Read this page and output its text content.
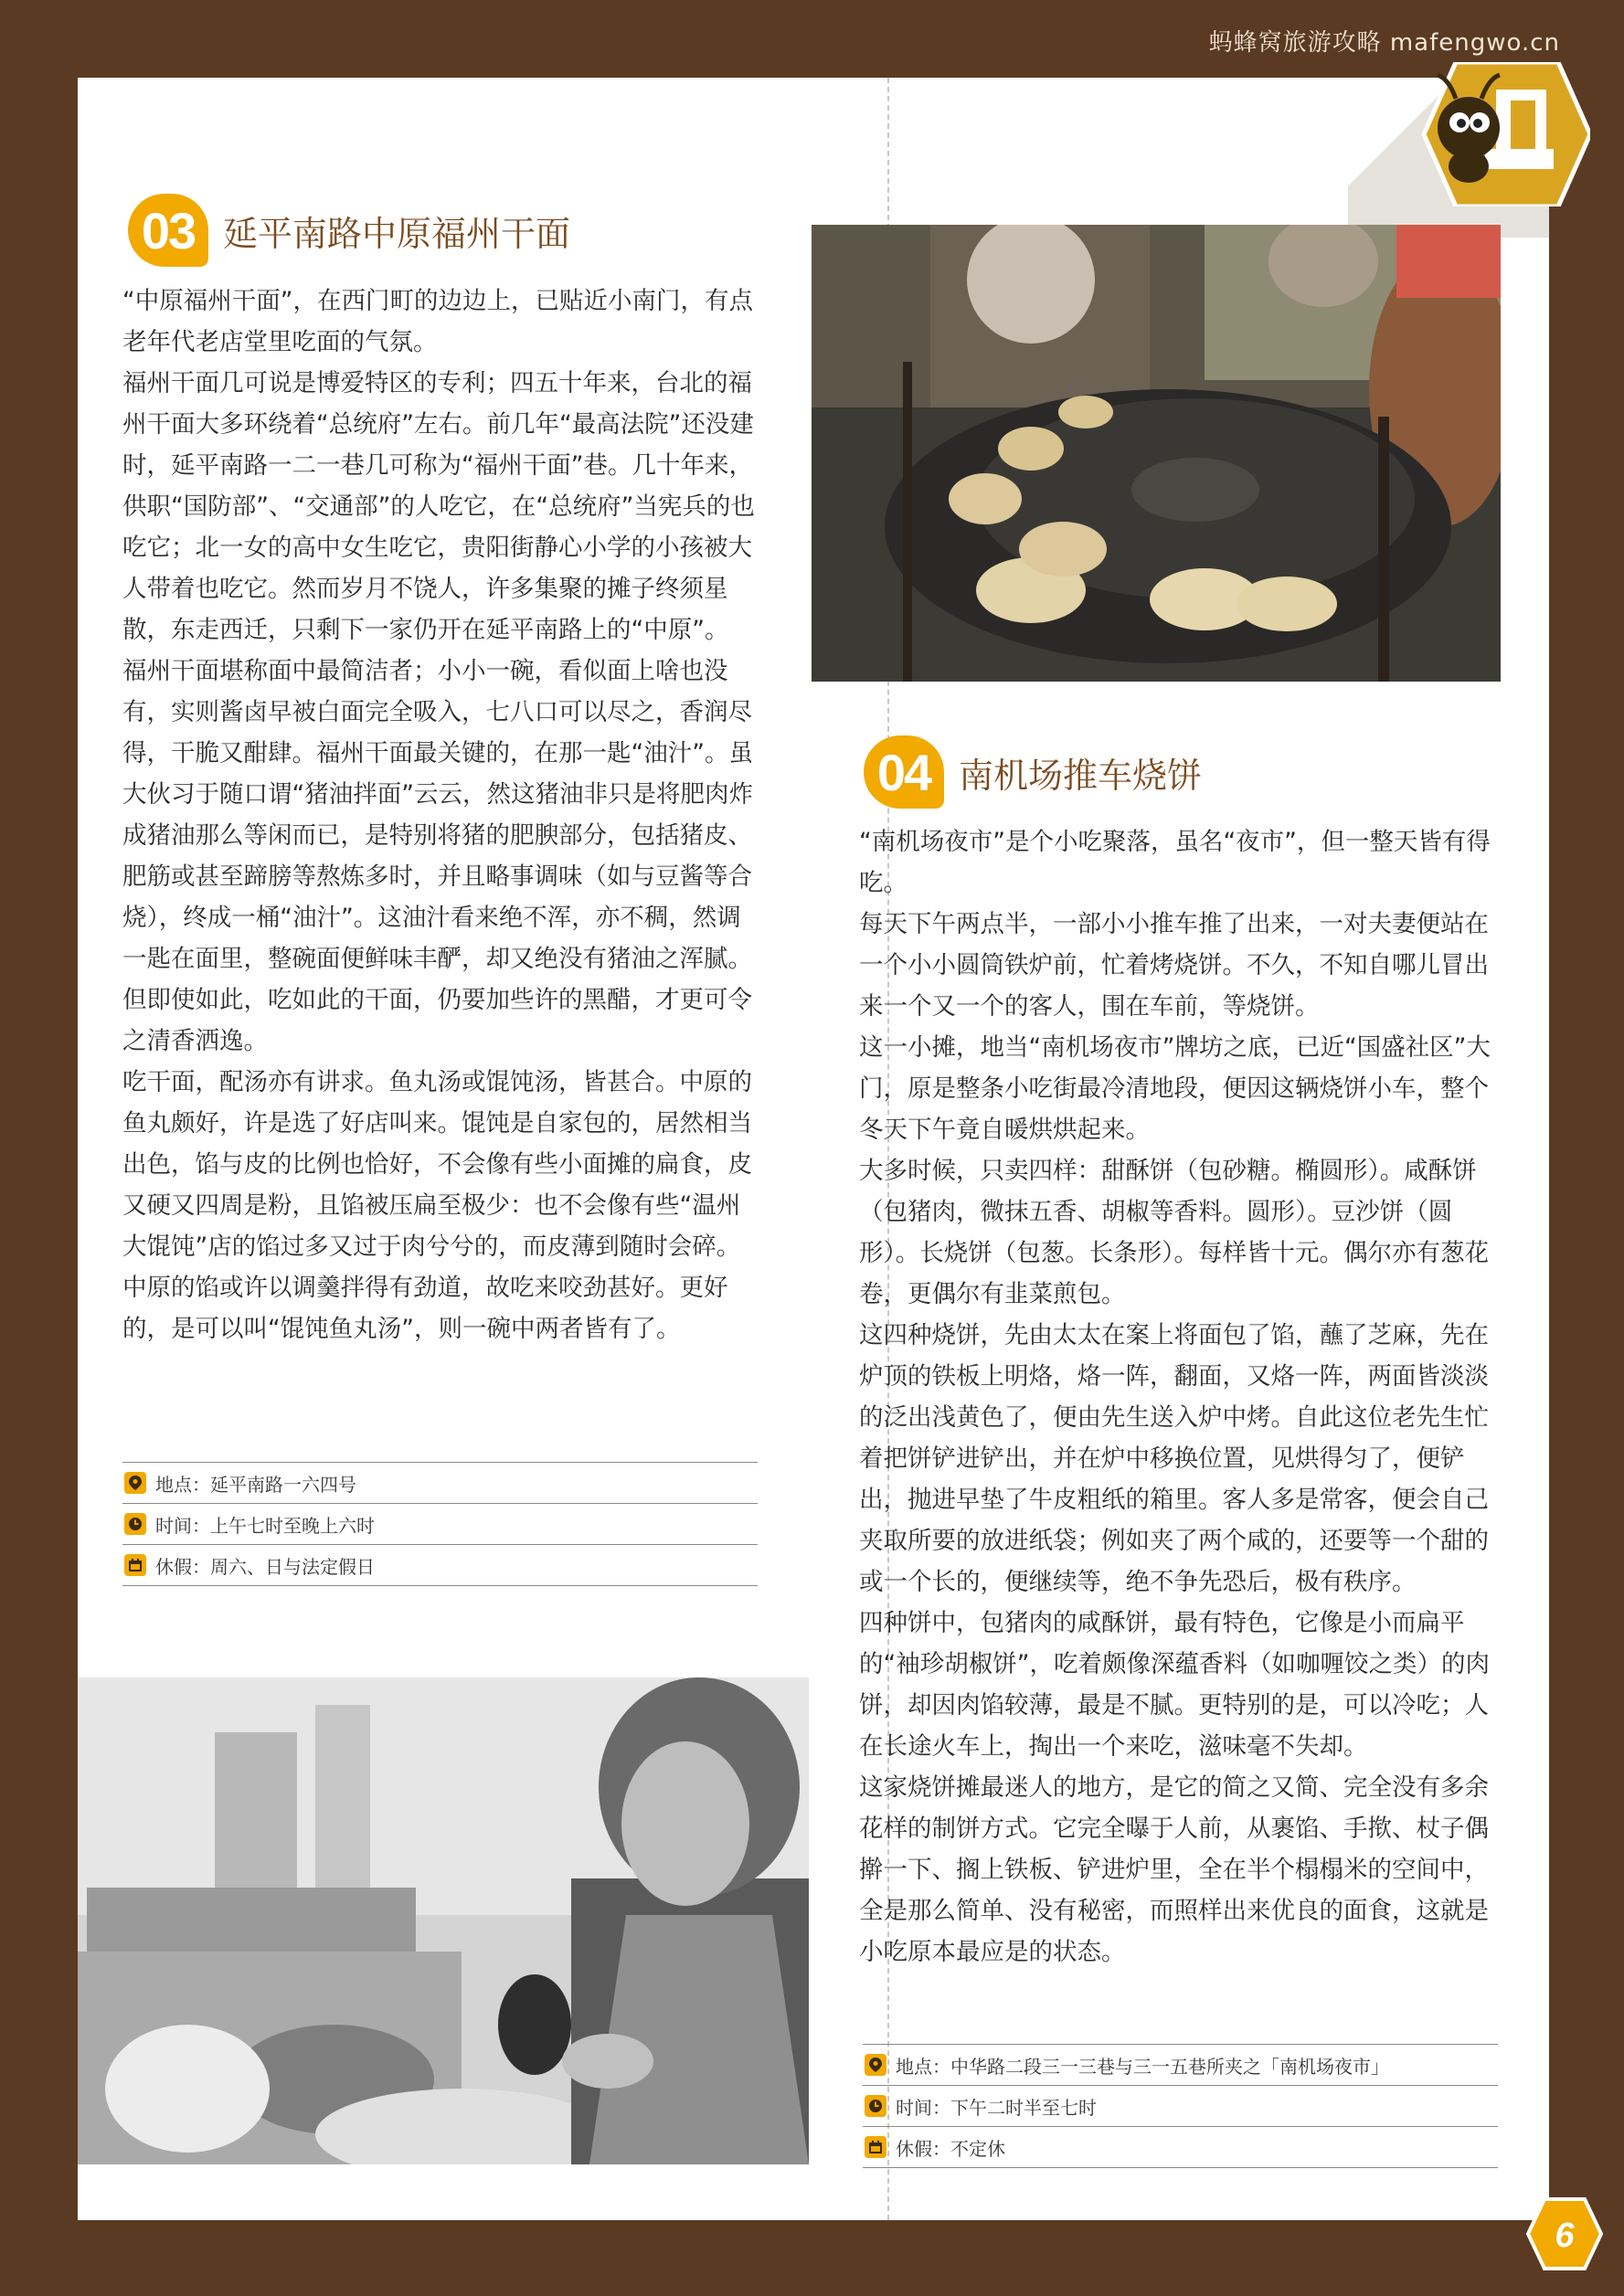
蚂蜂窝旅游攻略 mafengwo.cn
03 延平南路中原福州干面

“中原福州干面”，在西门町的边边上，已贴近小南门，有点老年代老店堂里吃面的气氛。

福州干面几可说是博爱特区的专利；四五十年来，台北的福州干面大多环绕着“总统府”左右。前几年“最高法院”还没建时，延平南路一二一巷几可称为“福州干面”巷。几十年来，供职“国防部”、“交通部”的人吃它，在“总统府”当宪兵的也吃它；北一女的高中女生吃它，贵阳街静心小学的小孩被大人带着也吃它。然而岁月不饶人，许多集聚的摊子终须星散，东走西迁，只剩下一家仍开在延平南路上的“中原”。

福州干面堪称面中最简洁者；小小一碗，看似面上啥也没有，实则酱卤早被白面完全吸入，七八口可以尽之，香润尽得，干脆又酣肆。福州干面最关键的，在那一匙“油汁”。虽大伙习于随口谓“猪油拌面”云云，然这猪油非只是将肥肉炸成猪油那么等闲而已，是特别将猪的肥腴部分，包括猪皮、肥筋或甚至蹄膀等熬炼多时，并且略事调味（如与豆酱等合烧），终成一桶“油汁”。这油汁看来绝不浑，亦不稠，然调一匙在面里，整碗面便鲜味丰酽，却又绝没有猪油之浑腻。但即使如此，吃如此的干面，仍要加些许的黑醋，才更可令之清香洒逸。

吃干面，配汤亦有讲求。鱼丸汤或馄饨汤，皆甚合。中原的鱼丸颇好，许是选了好店叫来。馄饨是自家包的，居然相当出色，馅与皮的比例也恰好，不会像有些小面摊的扁食，皮又硬又四周是粉，且馅被压扁至极少：也不会像有些“温州大馄饨”店的馅过多又过于肉兮兮的，而皮薄到随时会碎。中原的馅或许以调羹拌得有劲道，故吃来咬劲甚好。更好的，是可以叫“馄饨鱼丸汤”，则一碗中两者皆有了。

地点：延平南路一六四号
时间：上午七时至晚上六时
休假：周六、日与法定假日
04 南机场推车烧饼

“南机场夜市”是个小吃聚落，虽名“夜市”，但一整天皆有得吃。

每天下午两点半，一部小小推车推了出来，一对夫妻便站在一个小小圆筒铁炉前，忙着烤烧饼。不久，不知自哪儿冒出来一个又一个的客人，围在车前，等烧饼。

这一小摊，地当“南机场夜市”牌坊之底，已近“国盛社区”大门，原是整条小吃街最冷清地段，便因这辆烧饼小车，整个冬天下午竟自暖烘烘起来。

大多时候，只卖四样：甜酥饼（包砂糖。椭圆形）。咸酥饼（包猪肉，微抹五香、胡椒等香料。圆形）。豆沙饼（圆形）。长烧饼（包葱。长条形）。每样皆十元。偶尔亦有葱花卷，更偶尔有韭菜煎包。

这四种烧饼，先由太太在案上将面包了馅，蘸了芝麻，先在炉顶的铁板上明烙，烙一阵，翻面，又烙一阵，两面皆淡淡的泛出浅黄色了，便由先生送入炉中烤。自此这位老先生忙着把饼铲进铲出，并在炉中移换位置，见烘得匀了，便铲出，抛进早垫了牛皮粗纸的箱里。客人多是常客，便会自己夹取所要的放进纸袋；例如夹了两个咸的，还要等一个甜的或一个长的，便继续等，绝不争先恐后，极有秩序。

四种饼中，包猪肉的咸酥饼，最有特色，它像是小而扁平的“袖珍胡椒饼”，吃着颇像深蕴香料（如咖喱饺之类）的肉饼，却因肉馅较薄，最是不腻。更特别的是，可以冷吃；人在长途火车上，掏出一个来吃，滋味毫不失却。

这家烧饼摊最迷人的地方，是它的简之又简、完全没有多余花样的制饼方式。它完全曝于人前，从裹馅、手揿、杖子偶擀一下、搁上铁板、铲进炉里，全在半个榻榻米的空间中，全是那么简单、没有秘密，而照样出来优良的面食，这就是小吃原本最应是的状态。

地点：中华路二段三一三巷与三一五巷所夹之「南机场夜市」
时间：下午二时半至七时
休假：不定休
6
